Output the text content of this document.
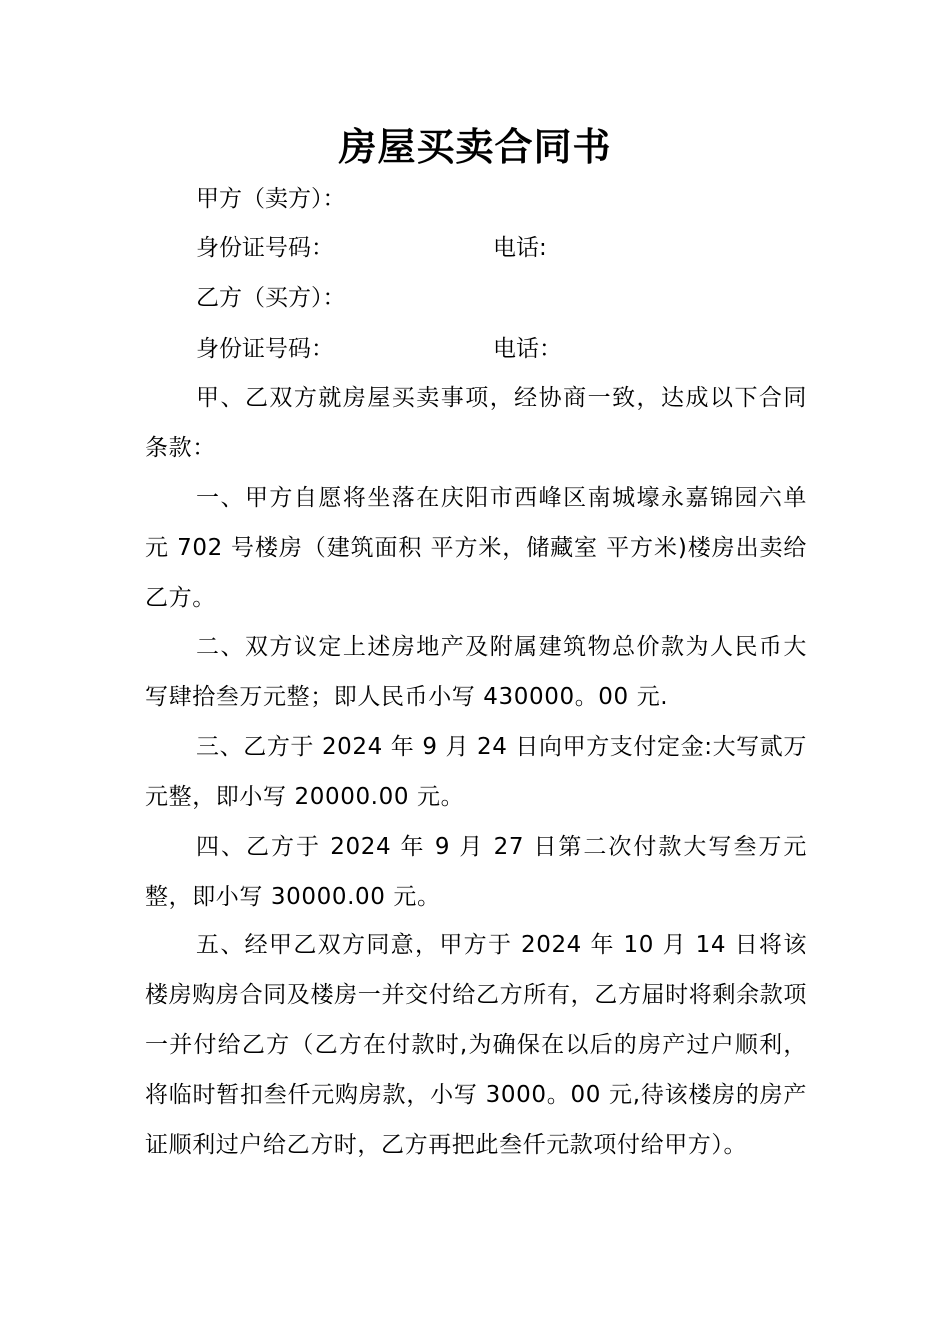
房屋买卖合同书
甲方（卖方）：
身份证号码：	电话:
乙方（买方）：
身份证号码：	电话：

甲、乙双方就房屋买卖事项，经协商一致，达成以下合同条款：

一、甲方自愿将坐落在庆阳市西峰区南城壕永嘉锦园六单元 702 号楼房（建筑面积 平方米，储藏室 平方米)楼房出卖给乙方。

二、双方议定上述房地产及附属建筑物总价款为人民币大写肆拾叁万元整；即人民币小写 430000。00 元.

三、乙方于 2024 年 9 月 24 日向甲方支付定金:大写贰万元整，即小写 20000.00 元。

四、乙方于 2024 年 9 月 27 日第二次付款大写叁万元整，即小写 30000.00 元。

五、经甲乙双方同意，甲方于 2024 年 10 月 14 日将该楼房购房合同及楼房一并交付给乙方所有，乙方届时将剩余款项一并付给乙方（乙方在付款时,为确保在以后的房产过户顺利，将临时暂扣叁仟元购房款，小写 3000。00 元,待该楼房的房产证顺利过户给乙方时，乙方再把此叁仟元款项付给甲方）。
